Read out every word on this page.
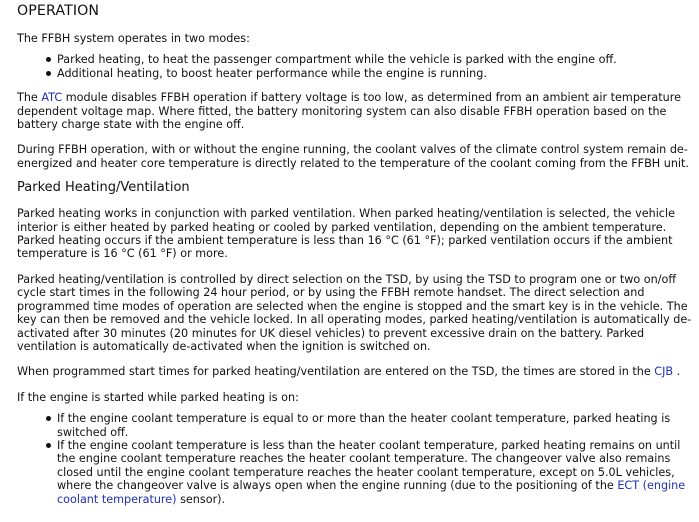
OPERATION

The FFBH system operates in two modes:

Parked heating, to heat the passenger compartment while the vehicle is parked with the engine off.
Additional heating, to boost heater performance while the engine is running.

The ATC module disables FFBH operation if battery voltage is too low, as determined from an ambient air temperature dependent voltage map. Where fitted, the battery monitoring system can also disable FFBH operation based on the battery charge state with the engine off.

During FFBH operation, with or without the engine running, the coolant valves of the climate control system remain de-energized and heater core temperature is directly related to the temperature of the coolant coming from the FFBH unit.

Parked Heating/Ventilation

Parked heating works in conjunction with parked ventilation. When parked heating/ventilation is selected, the vehicle interior is either heated by parked heating or cooled by parked ventilation, depending on the ambient temperature. Parked heating occurs if the ambient temperature is less than 16 °C (61 °F); parked ventilation occurs if the ambient temperature is 16 °C (61 °F) or more.

Parked heating/ventilation is controlled by direct selection on the TSD, by using the TSD to program one or two on/off cycle start times in the following 24 hour period, or by using the FFBH remote handset. The direct selection and programmed time modes of operation are selected when the engine is stopped and the smart key is in the vehicle. The key can then be removed and the vehicle locked. In all operating modes, parked heating/ventilation is automatically de-activated after 30 minutes (20 minutes for UK diesel vehicles) to prevent excessive drain on the battery. Parked ventilation is automatically de-activated when the ignition is switched on.

When programmed start times for parked heating/ventilation are entered on the TSD, the times are stored in the CJB .

If the engine is started while parked heating is on:

If the engine coolant temperature is equal to or more than the heater coolant temperature, parked heating is switched off.
If the engine coolant temperature is less than the heater coolant temperature, parked heating remains on until the engine coolant temperature reaches the heater coolant temperature. The changeover valve also remains closed until the engine coolant temperature reaches the heater coolant temperature, except on 5.0L vehicles, where the changeover valve is always open when the engine running (due to the positioning of the ECT (engine coolant temperature) sensor).
